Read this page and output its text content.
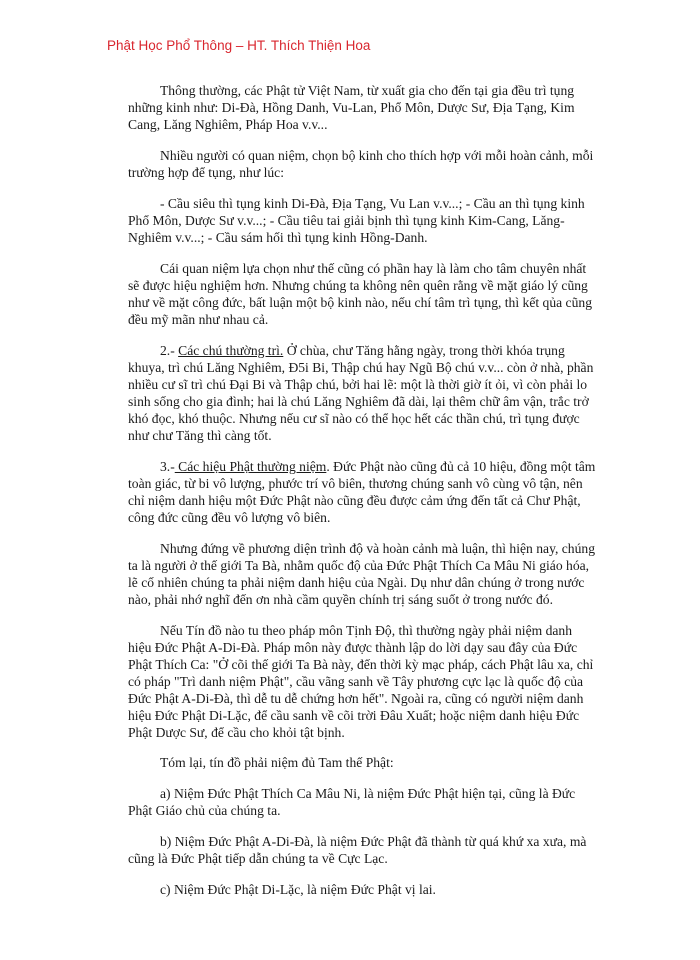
Phật Học Phổ Thông – HT. Thích Thiện Hoa
Thông thường, các Phật tử Việt Nam, từ xuất gia cho đến tại gia đều trì tụng
những kinh như: Di-Đà, Hồng Danh, Vu-Lan, Phổ Môn, Dược Sư, Địa Tạng, Kim
Cang, Lăng Nghiêm, Pháp Hoa v.v...
Nhiều người có quan niệm, chọn bộ kinh cho thích hợp với mỗi hoàn cảnh, mỗi
trường hợp để tụng, như lúc:
- Cầu siêu thì tụng kinh Di-Đà, Địa Tạng, Vu Lan v.v...; - Cầu an thì tụng kinh
Phổ Môn, Dược Sư v.v...; - Cầu tiêu tai giải bịnh thì tụng kinh Kim-Cang, Lăng-
Nghiêm v.v...; - Cầu sám hối thì tụng kinh Hồng-Danh.
Cái quan niệm lựa chọn như thế cũng có phần hay là làm cho tâm chuyên nhất
sẽ được hiệu nghiệm hơn. Nhưng chúng ta không nên quên rằng về mặt giáo lý cũng
như về mặt công đức, bất luận một bộ kinh nào, nếu chí tâm trì tụng, thì kết qủa cũng
đều mỹ mãn như nhau cả.
2.- Các chú thường trì. Ở chùa, chư Tăng hằng ngày, trong thời khóa trụng
khuya, trì chú Lăng Nghiêm, Đ5i Bi, Thập chú hay Ngũ Bộ chú v.v... còn ở nhà, phần
nhiều cư sĩ trì chú Đại Bi và Thập chú, bởi hai lẽ: một là thời giờ ít ỏi, vì còn phải lo
sinh sống cho gia đình; hai là chú Lăng Nghiêm đã dài, lại thêm chữ âm vận, trắc trở
khó đọc, khó thuộc. Nhưng nếu cư sĩ nào có thể học hết các thần chú, trì tụng được
như chư Tăng thì càng tốt.
3.- Các hiệu Phật thường niệm. Đức Phật nào cũng đủ cả 10 hiệu, đồng một tâm
toàn giác, từ bi vô lượng, phước trí vô biên, thương chúng sanh vô cùng vô tận, nên
chỉ niệm danh hiệu một Đức Phật nào cũng đều được cảm ứng đến tất cả Chư Phật,
công đức cũng đều vô lượng vô biên.
Nhưng đứng về phương diện trình độ và hoàn cảnh mà luận, thì hiện nay, chúng
ta là người ở thế giới Ta Bà, nhằm quốc độ của Đức Phật Thích Ca Mâu Ni giáo hóa,
lẽ cố nhiên chúng ta phải niệm danh hiệu của Ngài. Dụ như dân chúng ở trong nước
nào, phải nhớ nghĩ đến ơn nhà cầm quyền chính trị sáng suốt ở trong nước đó.
Nếu Tín đồ nào tu theo pháp môn Tịnh Độ, thì thường ngày phải niệm danh
hiệu Đức Phật A-Di-Đà. Pháp môn này được thành lập do lời dạy sau đây của Đức
Phật Thích Ca: "Ở cõi thế giới Ta Bà này, đến thời kỳ mạc pháp, cách Phật lâu xa, chỉ
có pháp "Trì danh niệm Phật", cầu vãng sanh về Tây phương cực lạc là quốc độ của
Đức Phật A-Di-Đà, thì dễ tu dễ chứng hơn hết". Ngoài ra, cũng có người niệm danh
hiệu Đức Phật Di-Lặc, để cầu sanh về cõi trời Đâu Xuất; hoặc niệm danh hiệu Đức
Phật Dược Sư, để cầu cho khỏi tật bịnh.
Tóm lại, tín đồ phải niệm đủ Tam thế Phật:
a) Niệm Đức Phật Thích Ca Mâu Ni, là niệm Đức Phật hiện tại, cũng là Đức
Phật Giáo chủ của chúng ta.
b) Niệm Đức Phật A-Di-Đà, là niệm Đức Phật đã thành từ quá khứ xa xưa, mà
cũng là Đức Phật tiếp dẫn chúng ta về Cực Lạc.
c) Niệm Đức Phật Di-Lặc, là niệm Đức Phật vị lai.
